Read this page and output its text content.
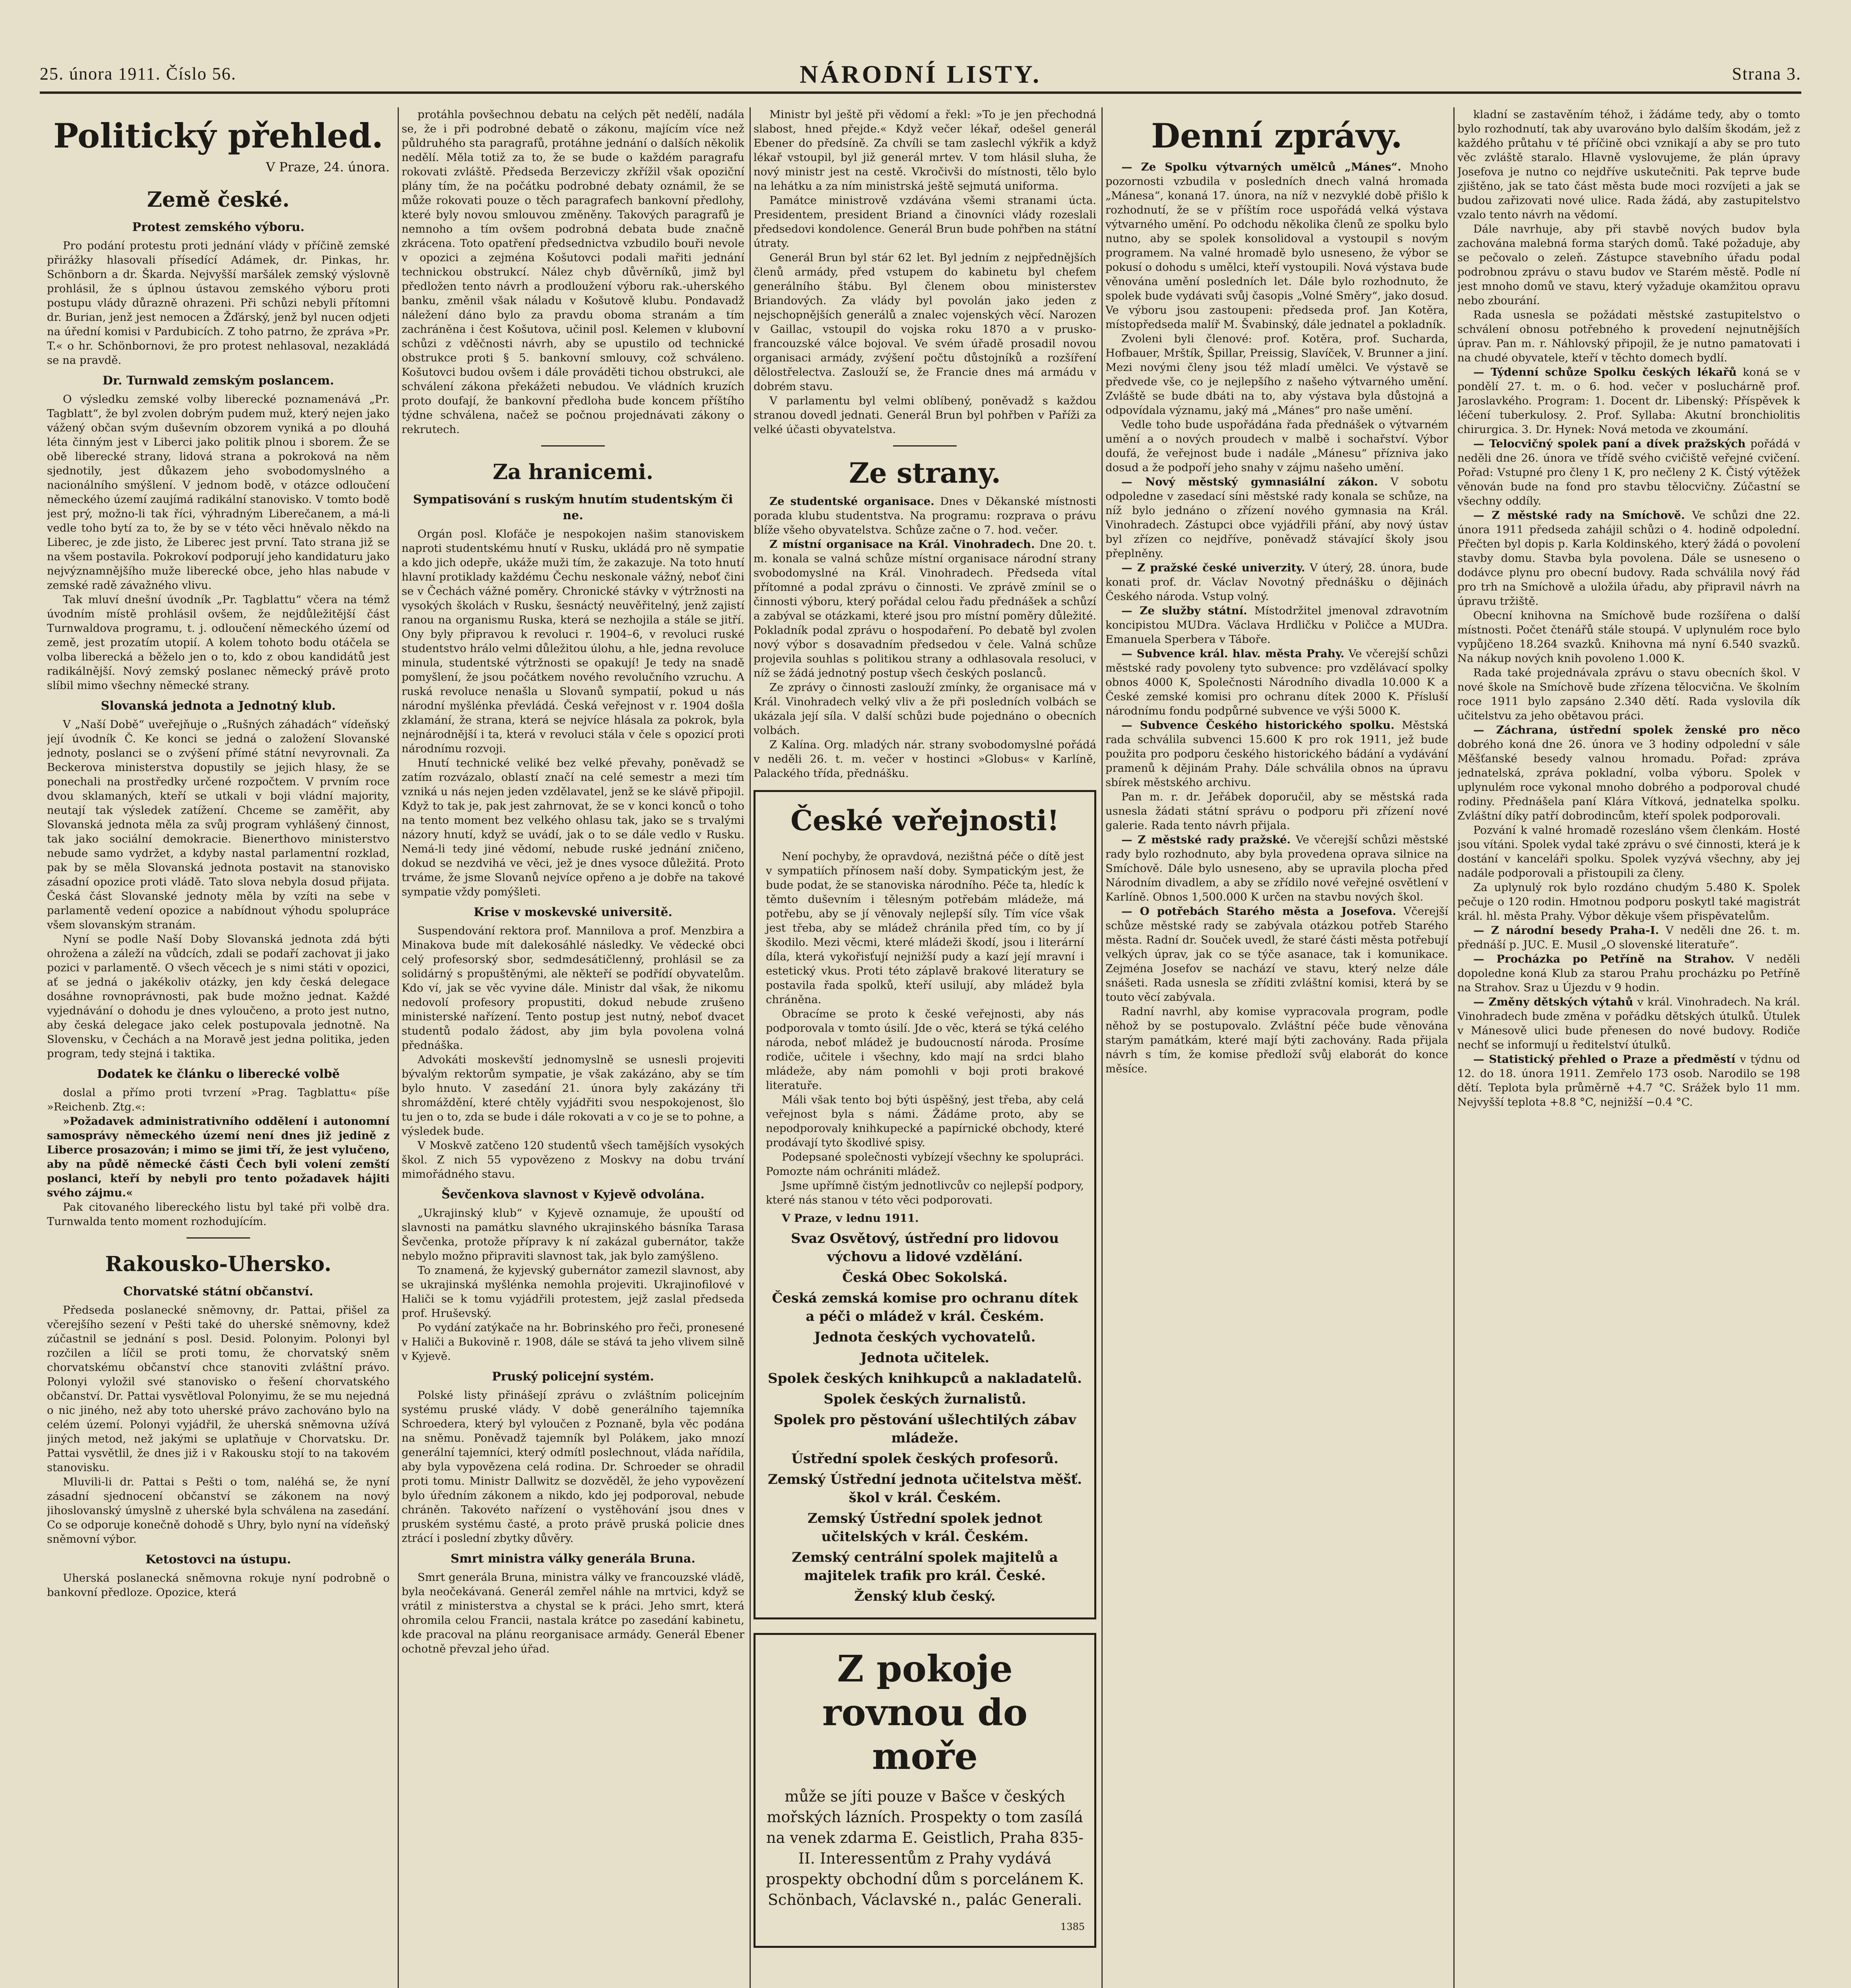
25. února 1911. Číslo 56.	NÁRODNÍ LISTY.	Strana 3.
Politický přehled.
V Praze, 24. února.
Země české.
Protest zemského výboru.

Pro podání protestu proti jednání vlády v příčině zemské přirážky hlasovali přísedící Adámek, dr. Pinkas, hr. Schönborn a dr. Škarda. Nejvyšší maršálek zemský výslovně prohlásil, že s úplnou ústavou zemského výboru proti postupu vlády důrazně ohrazeni. Při schůzi nebyli přítomni dr. Burian, jenž jest nemocen a Žďárský, jenž byl nucen odjeti na úřední komisi v Pardubicích. Z toho patrno, že zpráva »Pr. T.« o hr. Schönbornovi, že pro protest nehlasoval, nezakládá se na pravdě.

Dr. Turnwald zemským poslancem.

O výsledku zemské volby liberecké poznamenává „Pr. Tagblatt“, že byl zvolen dobrým pudem muž, který nejen jako vážený občan svým duševním obzorem vyniká a po dlouhá léta činným jest v Liberci jako politik plnou i sborem. Že se obě liberecké strany, lidová strana a pokroková na něm sjednotily, jest důkazem jeho svobodomyslného a nacionálního smýšlení. V jednom bodě, v otázce odloučení německého území zaujímá radikální stanovisko. V tomto bodě jest prý, možno-li tak říci, výhradným Liberečanem, a má-li vedle toho bytí za to, že by se v této věci hněvalo někdo na Liberec, je zde jisto, že Liberec jest první. Tato strana již se na všem postavila. Pokrokoví podporují jeho kandidaturu jako nejvýznamnějšího muže liberecké obce, jeho hlas nabude v zemské radě závažného vlivu.

Tak mluví dnešní úvodník „Pr. Tagblattu“ včera na témž úvodním místě prohlásil ovšem, že nejdůležitější část Turnwaldova programu, t. j. odloučení německého území od země, jest prozatím utopií. A kolem tohoto bodu otáčela se volba liberecká a běželo jen o to, kdo z obou kandidátů jest radikálnější. Nový zemský poslanec německý právě proto slíbil mimo všechny německé strany.

Slovanská jednota a Jednotný klub.

V „Naší Době“ uveřejňuje o „Rušných záhadách“ vídeňský její úvodník Č. Ke konci se jedná o založení Slovanské jednoty, poslanci se o zvýšení přímé státní nevyrovnali. Za Beckerova ministerstva dopustily se jejich hlasy, že se ponechali na prostředky určené rozpočtem. V prvním roce dvou sklamaných, kteří se utkali v boji vládní majority, neutají tak výsledek zatížení. Chceme se zaměřit, aby Slovanská jednota měla za svůj program vyhlášený činnost, tak jako sociální demokracie. Bienerthovo ministerstvo nebude samo vydržet, a kdyby nastal parlamentní rozklad, pak by se měla Slovanská jednota postavit na stanovisko zásadní opozice proti vládě. Tato slova nebyla dosud přijata. Česká část Slovanské jednoty měla by vzíti na sebe v parlamentě vedení opozice a nabídnout výhodu spolupráce všem slovanským stranám.

Nyní se podle Naší Doby Slovanská jednota zdá býti ohrožena a záleží na vůdcích, zdali se podaří zachovat ji jako pozici v parlamentě. O všech věcech je s nimi státi v opozici, ať se jedná o jakékoliv otázky, jen kdy česká delegace dosáhne rovnoprávnosti, pak bude možno jednat. Každé vyjednávání o dohodu je dnes vyloučeno, a proto jest nutno, aby česká delegace jako celek postupovala jednotně. Na Slovensku, v Čechách a na Moravě jest jedna politika, jeden program, tedy stejná i taktika.

Dodatek ke článku o liberecké volbě

doslal a přímo proti tvrzení »Prag. Tagblattu« píše »Reichenb. Ztg.«:

»Požadavek administrativního oddělení i autonomní samosprávy německého území není dnes již jedině z Liberce prosazován; i mimo se jimi tří, že jest vylučeno, aby na půdě německé části Čech byli volení zemští poslanci, kteří by nebyli pro tento požadavek hájiti svého zájmu.«

Pak citovaného libereckého listu byl také při volbě dra. Turnwalda tento moment rozhodujícím.

Rakousko-Uhersko.
Chorvatské státní občanství.

Předseda poslanecké sněmovny, dr. Pattai, přišel za včerejšího sezení v Pešti také do uherské sněmovny, kdež zúčastnil se jednání s posl. Desid. Polonyim. Polonyi byl rozčilen a líčil se proti tomu, že chorvatský sněm chorvatskému občanství chce stanoviti zvláštní právo. Polonyi vyložil své stanovisko o řešení chorvatského občanství. Dr. Pattai vysvětloval Polonyimu, že se mu nejedná o nic jiného, než aby toto uherské právo zachováno bylo na celém území. Polonyi vyjádřil, že uherská sněmovna užívá jiných metod, než jakými se uplatňuje v Chorvatsku. Dr. Pattai vysvětlil, že dnes již i v Rakousku stojí to na takovém stanovisku.

Mluvili-li dr. Pattai s Pešti o tom, naléhá se, že nyní zásadní sjednocení občanství se zákonem na nový jihoslovanský úmyslně z uherské byla schválena na zasedání. Co se odporuje konečně dohodě s Uhry, bylo nyní na vídeňský sněmovní výbor.

Ketostovci na ústupu.

Uherská poslanecká sněmovna rokuje nyní podrobně o bankovní předloze. Opozice, která

protáhla povšechnou debatu na celých pět nedělí, nadála se, že i při podrobné debatě o zákonu, majícím více než půldruhého sta paragrafů, protáhne jednání o dalších několik nedělí. Měla totiž za to, že se bude o každém paragrafu rokovati zvláště. Předseda Berzeviczy zkřížil však opoziční plány tím, že na počátku podrobné debaty oznámil, že se může rokovati pouze o těch paragrafech bankovní předlohy, které byly novou smlouvou změněny. Takových paragrafů je nemnoho a tím ovšem podrobná debata bude značně zkrácena. Toto opatření předsednictva vzbudilo bouři nevole v opozici a zejména Košutovci podali mařiti jednání technickou obstrukcí. Nález chyb důvěrníků, jimž byl předložen tento návrh a prodloužení výboru rak.-uherského banku, změnil však náladu v Košutově klubu. Pondavadž náležení dáno bylo za pravdu oboma stranám a tím zachráněna i čest Košutova, učinil posl. Kelemen v klubovní schůzi z vděčnosti návrh, aby se upustilo od technické obstrukce proti § 5. bankovní smlouvy, což schváleno. Košutovci budou ovšem i dále prováděti tichou obstrukci, ale schválení zákona překážeti nebudou. Ve vládních kruzích proto doufají, že bankovní předloha bude koncem příštího týdne schválena, načež se počnou projednávati zákony o rekrutech.

Za hranicemi.
Sympatisování s ruským hnutím studentským či ne.

Orgán posl. Klofáče je nespokojen našim stanoviskem naproti studentskému hnutí v Rusku, ukládá pro ně sympatie a kdo jich odepře, ukáže muži tím, že zakazuje. Na toto hnutí hlavní protiklady každému Čechu neskonale vážný, neboť čini se v Čechách vážné poměry. Chronické stávky v výtržnosti na vysokých školách v Rusku, šesnáctý neuvěřitelný, jenž zajistí ranou na organismu Ruska, která se nezhojila a stále se jitří. Ony byly připravou k revoluci r. 1904–6, v revoluci ruské studentstvo hrálo velmi důležitou úlohu, a hle, jedna revoluce minula, studentské výtržnosti se opakují! Je tedy na snadě pomyšlení, že jsou počátkem nového revolučního vzruchu. A ruská revoluce nenašla u Slovanů sympatií, pokud u nás národní myšlénka převládá. Česká veřejnost v r. 1904 došla zklamání, že strana, která se nejvíce hlásala za pokrok, byla nejnárodnější i ta, která v revoluci stála v čele s opozicí proti národnímu rozvoji.

Hnutí technické veliké bez velké převahy, poněvadž se zatím rozvázalo, oblastí značí na celé semestr a mezi tím vzniká u nás nejen jeden vzdělavatel, jenž se ke slávě připojil. Když to tak je, pak jest zahrnovat, že se v konci konců o toho na tento moment bez velkého ohlasu tak, jako se s trvalými názory hnutí, když se uvádí, jak o to se dále vedlo v Rusku. Nemá-li tedy jiné vědomí, nebude ruské jednání zničeno, dokud se nezdvihá ve věci, jež je dnes vysoce důležitá. Proto trváme, že jsme Slovanů nejvíce opřeno a je dobře na takové sympatie vždy pomýšleti.

Krise v moskevské universitě.

Suspendování rektora prof. Mannilova a prof. Menzbira a Minakova bude mít dalekosáhlé následky. Ve vědecké obci celý profesorský sbor, sedmdesátičlenný, prohlásil se za solidárný s propuštěnými, ale někteří se podřídí obyvatelům. Kdo ví, jak se věc vyvine dále. Ministr dal však, že nikomu nedovolí profesory propustiti, dokud nebude zrušeno ministerské nařízení. Tento postup jest nutný, neboť dvacet studentů podalo žádost, aby jim byla povolena volná přednáška.

Advokáti moskevští jednomyslně se usnesli projeviti bývalým rektorům sympatie, je však zakázáno, aby se tím bylo hnuto. V zasedání 21. února byly zakázány tři shromáždění, které chtěly vyjádřiti svou nespokojenost, šlo tu jen o to, zda se bude i dále rokovati a v co je se to pohne, a výsledek bude.

V Moskvě zatčeno 120 studentů všech tamějších vysokých škol. Z nich 55 vypovězeno z Moskvy na dobu trvání mimořádného stavu.

Ševčenkova slavnost v Kyjevě odvolána.

„Ukrajinský klub“ v Kyjevě oznamuje, že upouští od slavnosti na památku slavného ukrajinského básníka Tarasa Ševčenka, protože přípravy k ní zakázal gubernátor, takže nebylo možno připraviti slavnost tak, jak bylo zamýšleno.

To znamená, že kyjevský gubernátor zamezil slavnost, aby se ukrajinská myšlénka nemohla projeviti. Ukrajinofilové v Haliči se k tomu vyjádřili protestem, jejž zaslal předseda prof. Hruševský.

Po vydání zatýkače na hr. Bobrinského pro řeči, pronesené v Haliči a Bukovině r. 1908, dále se stává ta jeho vlivem silně v Kyjevě.

Pruský policejní systém.

Polské listy přinášejí zprávu o zvláštním policejním systému pruské vlády. V době generálního tajemníka Schroedera, který byl vyloučen z Poznaně, byla věc podána na sněmu. Poněvadž tajemník byl Polákem, jako mnozí generální tajemníci, který odmítl poslechnout, vláda nařídila, aby byla vypovězena celá rodina. Dr. Schroeder se ohradil proti tomu. Ministr Dallwitz se dozvěděl, že jeho vypovězení bylo úředním zákonem a nikdo, kdo jej podporoval, nebude chráněn. Takovéto nařízení o vystěhování jsou dnes v pruském systému časté, a proto právě pruská policie dnes ztrácí i poslední zbytky důvěry.

Smrt ministra války generála Bruna.

Smrt generála Bruna, ministra války ve francouzské vládě, byla neočekávaná. Generál zemřel náhle na mrtvici, když se vrátil z ministerstva a chystal se k práci. Jeho smrt, která ohromila celou Francii, nastala krátce po zasedání kabinetu, kde pracoval na plánu reorganisace armády. Generál Ebener ochotně převzal jeho úřad.

Ministr byl ještě při vědomí a řekl: »To je jen přechodná slabost, hned přejde.« Když večer lékař, odešel generál Ebener do předsíně. Za chvíli se tam zaslechl výkřik a když lékař vstoupil, byl již generál mrtev. V tom hlásil sluha, že nový ministr jest na cestě. Vkročivši do místnosti, tělo bylo na lehátku a za ním ministrská ještě sejmutá uniforma.

Památce ministrově vzdávána všemi stranami úcta. Presidentem, president Briand a činovníci vlády rozeslali předsedovi kondolence. Generál Brun bude pohřben na státní útraty.

Generál Brun byl stár 62 let. Byl jedním z nejpřednějších členů armády, před vstupem do kabinetu byl chefem generálního štábu. Byl členem obou ministerstev Briandových. Za vlády byl povolán jako jeden z nejschopnějších generálů a znalec vojenských věcí. Narozen v Gaillac, vstoupil do vojska roku 1870 a v prusko-francouzské válce bojoval. Ve svém úřadě prosadil novou organisaci armády, zvýšení počtu důstojníků a rozšíření dělostřelectva. Zaslouží se, že Francie dnes má armádu v dobrém stavu.

V parlamentu byl velmi oblíbený, poněvadž s každou stranou dovedl jednati. Generál Brun byl pohřben v Paříži za velké účasti obyvatelstva.

Ze strany.

Ze studentské organisace. Dnes v Děkanské místnosti porada klubu studentstva. Na programu: rozprava o právu blíže všeho obyvatelstva. Schůze začne o 7. hod. večer.

Z místní organisace na Král. Vinohradech. Dne 20. t. m. konala se valná schůze místní organisace národní strany svobodomyslné na Král. Vinohradech. Předseda vítal přítomné a podal zprávu o činnosti. Ve zprávě zmínil se o činnosti výboru, který pořádal celou řadu přednášek a schůzí a zabýval se otázkami, které jsou pro místní poměry důležité. Pokladník podal zprávu o hospodaření. Po debatě byl zvolen nový výbor s dosavadním předsedou v čele. Valná schůze projevila souhlas s politikou strany a odhlasovala resoluci, v níž se žádá jednotný postup všech českých poslanců.

Ze zprávy o činnosti zaslouží zmínky, že organisace má v Král. Vinohradech velký vliv a že při posledních volbách se ukázala její síla. V další schůzi bude pojednáno o obecních volbách.

Z Kalína. Org. mladých nár. strany svobodomyslné pořádá v neděli 26. t. m. večer v hostinci »Globus« v Karlíně, Palackého třída, přednášku.

České veřejnosti!

Není pochyby, že opravdová, nezištná péče o dítě jest v sympatiích přínosem naší doby. Sympatickým jest, že bude podat, že se stanoviska národního. Péče ta, hledíc k těmto duševním i tělesným potřebám mládeže, má potřebu, aby se jí věnovaly nejlepší síly. Tím více však jest třeba, aby se mládež chránila před tím, co by jí škodilo. Mezi věcmi, které mládeži škodí, jsou i literární díla, která vykořisťují nejnižší pudy a kazí její mravní i estetický vkus. Proti této záplavě brakové literatury se postavila řada spolků, kteří usilují, aby mládež byla chráněna.

Obracíme se proto k české veřejnosti, aby nás podporovala v tomto úsilí. Jde o věc, která se týká celého národa, neboť mládež je budoucností národa. Prosíme rodiče, učitele i všechny, kdo mají na srdci blaho mládeže, aby nám pomohli v boji proti brakové literatuře.

Máli však tento boj býti úspěšný, jest třeba, aby celá veřejnost byla s námi. Žádáme proto, aby se nepodporovaly knihkupecké a papírnické obchody, které prodávají tyto škodlivé spisy.

Podepsané společnosti vybízejí všechny ke spolupráci. Pomozte nám ochrániti mládež.

Jsme upřímně čistým jednotlivcův co nejlepší podpory, které nás stanou v této věci podporovati.

V Praze, v lednu 1911.

Svaz Osvětový, ústřední pro lidovou výchovu a lidové vzdělání.
Česká Obec Sokolská.
Česká zemská komise pro ochranu dítek a péči o mládež v král. Českém.
Jednota českých vychovatelů.
Jednota učitelek.
Spolek českých knihkupců a nakladatelů.
Spolek českých žurnalistů.
Spolek pro pěstování ušlechtilých zábav mládeže.
Ústřední spolek českých profesorů.
Zemský Ústřední jednota učitelstva měšť. škol v král. Českém.
Zemský Ústřední spolek jednot učitelských v král. Českém.
Zemský centrální spolek majitelů a majitelek trafik pro král. České.
Ženský klub český.
Z pokoje rovnou do moře
může se jíti pouze v Bašce v českých mořských lázních. Prospekty o tom zasílá na venek zdarma E. Geistlich, Praha 835-II. Interessentům z Prahy vydává prospekty obchodní dům s porcelánem K. Schönbach, Václavské n., palác Generali.
1385
Denní zprávy.

— Ze Spolku výtvarných umělců „Mánes“. Mnoho pozornosti vzbudila v posledních dnech valná hromada „Mánesa“, konaná 17. února, na níž v nezvyklé době přišlo k rozhodnutí, že se v příštím roce uspořádá velká výstava výtvarného umění. Po odchodu několika členů ze spolku bylo nutno, aby se spolek konsolidoval a vystoupil s novým programem. Na valné hromadě bylo usneseno, že výbor se pokusí o dohodu s umělci, kteří vystoupili. Nová výstava bude věnována umění posledních let. Dále bylo rozhodnuto, že spolek bude vydávati svůj časopis „Volné Směry“, jako dosud. Ve výboru jsou zastoupeni: předseda prof. Jan Kotěra, místopředseda malíř M. Švabinský, dále jednatel a pokladník.

Zvoleni byli členové: prof. Kotěra, prof. Sucharda, Hofbauer, Mrštík, Špillar, Preissig, Slavíček, V. Brunner a jiní. Mezi novými členy jsou též mladí umělci. Ve výstavě se předvede vše, co je nejlepšího z našeho výtvarného umění. Zvláště se bude dbáti na to, aby výstava byla důstojná a odpovídala významu, jaký má „Mánes“ pro naše umění.

Vedle toho bude uspořádána řada přednášek o výtvarném umění a o nových proudech v malbě i sochařství. Výbor doufá, že veřejnost bude i nadále „Mánesu“ přízniva jako dosud a že podpoří jeho snahy v zájmu našeho umění.

— Nový městský gymnasiální zákon. V sobotu odpoledne v zasedací síni městské rady konala se schůze, na níž bylo jednáno o zřízení nového gymnasia na Král. Vinohradech. Zástupci obce vyjádřili přání, aby nový ústav byl zřízen co nejdříve, poněvadž stávající školy jsou přeplněny.

— Z pražské české univerzity. V úterý, 28. února, bude konati prof. dr. Václav Novotný přednášku o dějinách Českého národa. Vstup volný.

— Ze služby státní. Místodržitel jmenoval zdravotním koncipistou MUDra. Václava Hrdličku v Poličce a MUDra. Emanuela Sperbera v Táboře.

— Subvence král. hlav. města Prahy. Ve včerejší schůzi městské rady povoleny tyto subvence: pro vzdělávací spolky obnos 4000 K, Společnosti Národního divadla 10.000 K a České zemské komisi pro ochranu dítek 2000 K. Přísluší národnímu fondu podpůrné subvence ve výši 5000 K.

— Subvence Českého historického spolku. Městská rada schválila subvenci 15.600 K pro rok 1911, jež bude použita pro podporu českého historického bádání a vydávání pramenů k dějinám Prahy. Dále schválila obnos na úpravu sbírek městského archivu.

Pan m. r. dr. Jeřábek doporučil, aby se městská rada usnesla žádati státní správu o podporu při zřízení nové galerie. Rada tento návrh přijala.

— Z městské rady pražské. Ve včerejší schůzi městské rady bylo rozhodnuto, aby byla provedena oprava silnice na Smíchově. Dále bylo usneseno, aby se upravila plocha před Národním divadlem, a aby se zřídilo nové veřejné osvětlení v Karlíně. Obnos 1,500.000 K určen na stavbu nových škol.

— O potřebách Starého města a Josefova. Včerejší schůze městské rady se zabývala otázkou potřeb Starého města. Radní dr. Souček uvedl, že staré části města potřebují velkých úprav, jak co se týče asanace, tak i komunikace. Zejména Josefov se nachází ve stavu, který nelze dále snášeti. Rada usnesla se zříditi zvláštní komisi, která by se touto věcí zabývala.

Radní navrhl, aby komise vypracovala program, podle něhož by se postupovalo. Zvláštní péče bude věnována starým památkám, které mají býti zachovány. Rada přijala návrh s tím, že komise předloží svůj elaborát do konce měsíce.

kladní se zastavěním téhož, i žádáme tedy, aby o tomto bylo rozhodnutí, tak aby uvarováno bylo dalším škodám, jež z každého průtahu v té příčině obci vznikají a aby se pro tuto věc zvláště staralo. Hlavně vyslovujeme, že plán úpravy Josefova je nutno co nejdříve uskutečniti. Pak teprve bude zjištěno, jak se tato část města bude moci rozvíjeti a jak se budou zařizovati nové ulice. Rada žádá, aby zastupitelstvo vzalo tento návrh na vědomí.

Dále navrhuje, aby při stavbě nových budov byla zachována malebná forma starých domů. Také požaduje, aby se pečovalo o zeleň. Zástupce stavebního úřadu podal podrobnou zprávu o stavu budov ve Starém městě. Podle ní jest mnoho domů ve stavu, který vyžaduje okamžitou opravu nebo zbourání.

Rada usnesla se požádati městské zastupitelstvo o schválení obnosu potřebného k provedení nejnutnějších úprav. Pan m. r. Náhlovský připojil, že je nutno pamatovati i na chudé obyvatele, kteří v těchto domech bydlí.

— Týdenní schůze Spolku českých lékařů koná se v pondělí 27. t. m. o 6. hod. večer v posluchárně prof. Jaroslavkého. Program: 1. Docent dr. Libenský: Příspěvek k léčení tuberkulosy. 2. Prof. Syllaba: Akutní bronchiolitis chirurgica. 3. Dr. Hynek: Nová metoda ve zkoumání.

— Telocvičný spolek paní a dívek pražských pořádá v neděli dne 26. února ve třídě svého cvičiště veřejné cvičení. Pořad: Vstupné pro členy 1 K, pro nečleny 2 K. Čistý výtěžek věnován bude na fond pro stavbu tělocvičny. Zúčastní se všechny oddíly.

— Z městské rady na Smíchově. Ve schůzi dne 22. února 1911 předseda zahájil schůzi o 4. hodině odpolední. Přečten byl dopis p. Karla Koldinského, který žádá o povolení stavby domu. Stavba byla povolena. Dále se usneseno o dodávce plynu pro obecní budovy. Rada schválila nový řád pro trh na Smíchově a uložila úřadu, aby připravil návrh na úpravu tržiště.

Obecní knihovna na Smíchově bude rozšířena o další místnosti. Počet čtenářů stále stoupá. V uplynulém roce bylo vypůjčeno 18.264 svazků. Knihovna má nyní 6.540 svazků. Na nákup nových knih povoleno 1.000 K.

Rada také projednávala zprávu o stavu obecních škol. V nové škole na Smíchově bude zřízena tělocvična. Ve školním roce 1911 bylo zapsáno 2.340 dětí. Rada vyslovila dík učitelstvu za jeho obětavou práci.

— Záchrana, ústřední spolek ženské pro něco dobrého koná dne 26. února ve 3 hodiny odpolední v sále Měšťanské besedy valnou hromadu. Pořad: zpráva jednatelská, zpráva pokladní, volba výboru. Spolek v uplynulém roce vykonal mnoho dobrého a podporoval chudé rodiny. Přednášela paní Klára Vítková, jednatelka spolku. Zvláštní díky patří dobrodincům, kteří spolek podporovali.

Pozvání k valné hromadě rozesláno všem členkám. Hosté jsou vítáni. Spolek vydal také zprávu o své činnosti, která je k dostání v kanceláři spolku. Spolek vyzývá všechny, aby jej nadále podporovali a přistoupili za členy.

Za uplynulý rok bylo rozdáno chudým 5.480 K. Spolek pečuje o 120 rodin. Hmotnou podporu poskytl také magistrát král. hl. města Prahy. Výbor děkuje všem přispěvatelům.

— Z národní besedy Praha-I. V neděli dne 26. t. m. přednáší p. JUC. E. Musil „O slovenské literatuře“.

— Procházka po Petříně na Strahov. V neděli dopoledne koná Klub za starou Prahu procházku po Petříně na Strahov. Sraz u Újezdu v 9 hodin.

— Změny dětských výtahů v král. Vinohradech. Na král. Vinohradech bude změna v pořádku dětských útulků. Útulek v Mánesově ulici bude přenesen do nové budovy. Rodiče nechť se informují u ředitelství útulků.

— Statistický přehled o Praze a předměstí v týdnu od 12. do 18. února 1911. Zemřelo 173 osob. Narodilo se 198 dětí. Teplota byla průměrně +4.7 °C. Srážek bylo 11 mm. Nejvyšší teplota +8.8 °C, nejnižší −0.4 °C.
